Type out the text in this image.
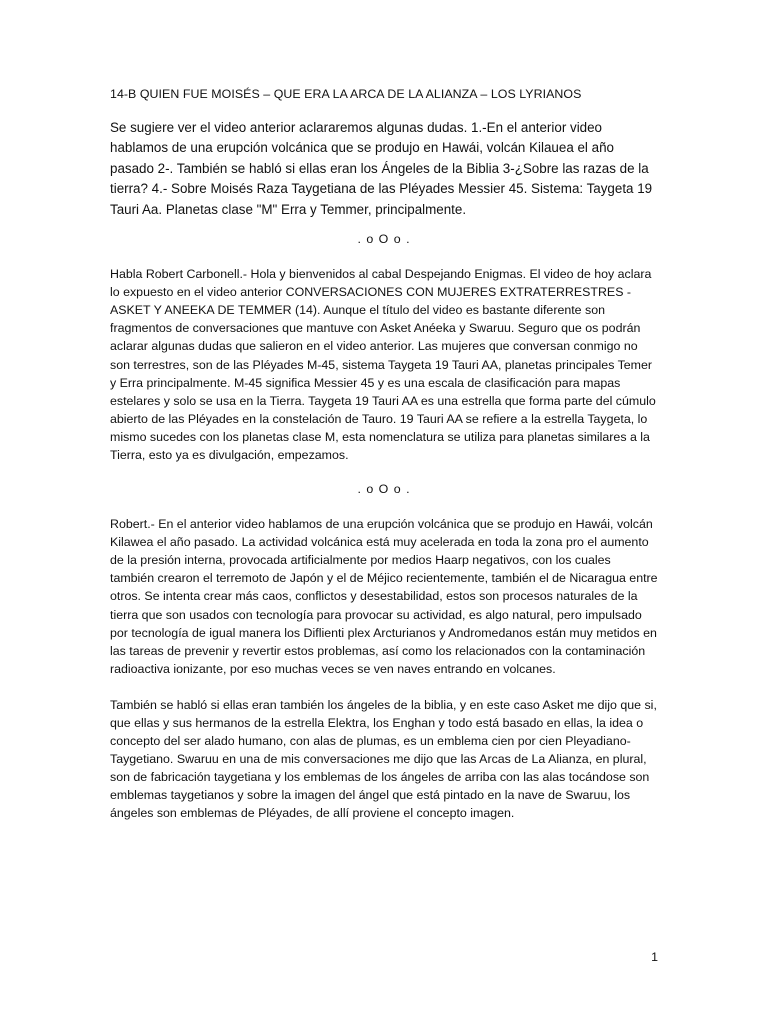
14-B QUIEN FUE MOISÉS – QUE ERA LA ARCA DE LA ALIANZA – LOS LYRIANOS

Se sugiere ver el video anterior aclararemos algunas dudas. 1.-En el anterior video hablamos de una erupción volcánica que se produjo en Hawái, volcán Kilauea el año pasado 2-. También se habló si ellas eran los Ángeles de la Biblia 3-¿Sobre las razas de la tierra? 4.- Sobre Moisés Raza Taygetiana de las Pléyades Messier 45. Sistema: Taygeta 19 Tauri Aa. Planetas clase "M" Erra y Temmer, principalmente.

. o O o .

Habla Robert Carbonell.- Hola y bienvenidos al cabal Despejando Enigmas. El video de hoy aclara lo expuesto en el video anterior CONVERSACIONES CON MUJERES EXTRATERRESTRES - ASKET Y ANEEKA DE TEMMER (14). Aunque el título del video es bastante diferente son fragmentos de conversaciones que mantuve con Asket Anéeka y Swaruu. Seguro que os podrán aclarar algunas dudas que salieron en el video anterior. Las mujeres que conversan conmigo no son terrestres, son de las Pléyades M-45, sistema Taygeta 19 Tauri AA, planetas principales Temer y Erra principalmente. M-45 significa Messier 45 y es una escala de clasificación para mapas estelares y solo se usa en la Tierra. Taygeta 19 Tauri AA es una estrella que forma parte del cúmulo abierto de las Pléyades en la constelación de Tauro. 19 Tauri AA se refiere a la estrella Taygeta, lo mismo sucedes con los planetas clase M, esta nomenclatura se utiliza para planetas similares a la Tierra, esto ya es divulgación, empezamos.

. o O o .

Robert.- En el anterior video hablamos de una erupción volcánica que se produjo en Hawái, volcán Kilawea el año pasado. La actividad volcánica está muy acelerada en toda la zona pro el aumento de la presión interna, provocada artificialmente por medios Haarp negativos, con los cuales también crearon el terremoto de Japón y el de Méjico recientemente, también el de Nicaragua entre otros. Se intenta crear más caos, conflictos y desestabilidad, estos son procesos naturales de la tierra que son usados con tecnología para provocar su actividad, es algo natural, pero impulsado por tecnología de igual manera los Diflienti plex Arcturianos y Andromedanos están muy metidos en las tareas de prevenir y revertir estos problemas, así como los relacionados con la contaminación radioactiva ionizante, por eso muchas veces se ven naves entrando en volcanes.

También se habló si ellas eran también los ángeles de la biblia, y en este caso Asket me dijo que si, que ellas y sus hermanos de la estrella Elektra, los Enghan y todo está basado en ellas, la idea o concepto del ser alado humano, con alas de plumas, es un emblema cien por cien Pleyadiano-Taygetiano. Swaruu en una de mis conversaciones me dijo que las Arcas de La Alianza, en plural, son de fabricación taygetiana y los emblemas de los ángeles de arriba con las alas tocándose son emblemas taygetianos y sobre la imagen del ángel que está pintado en la nave de Swaruu, los ángeles son emblemas de Pléyades, de allí proviene el concepto imagen.

1
